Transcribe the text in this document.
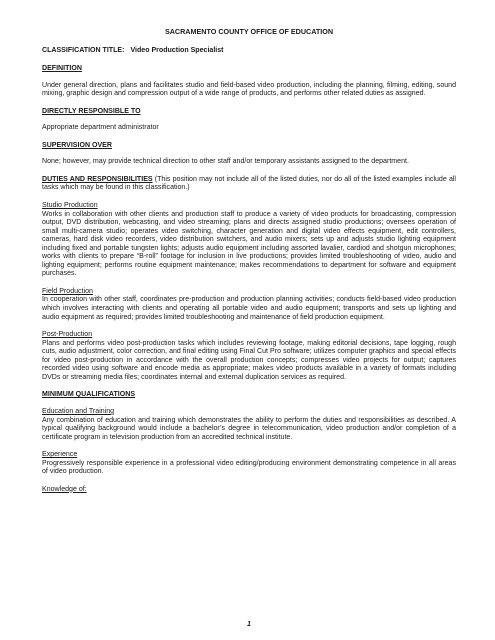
SACRAMENTO COUNTY OFFICE OF EDUCATION
CLASSIFICATION TITLE: Video Production Specialist
DEFINITION
Under general direction, plans and facilitates studio and field-based video production, including the planning, filming, editing, sound mixing, graphic design and compression output of a wide range of products, and performs other related duties as assigned.
DIRECTLY RESPONSIBLE TO
Appropriate department administrator
SUPERVISION OVER
None; however, may provide technical direction to other staff and/or temporary assistants assigned to the department.
DUTIES AND RESPONSIBILITIES (This position may not include all of the listed duties, nor do all of the listed examples include all tasks which may be found in this classification.)
Studio Production
Works in collaboration with other clients and production staff to produce a variety of video products for broadcasting, compression output, DVD distribution, webcasting, and video streaming; plans and directs assigned studio productions; oversees operation of small multi-camera studio; operates video switching, character generation and digital video effects equipment, edit controllers, cameras, hard disk video recorders, video distribution switchers, and audio mixers; sets up and adjusts studio lighting equipment including fixed and portable tungsten lights; adjusts audio equipment including assorted lavalier, cardiod and shotgun microphones; works with clients to prepare “B-roll” footage for inclusion in live productions; provides limited troubleshooting of video, audio and lighting equipment; performs routine equipment maintenance; makes recommendations to department for software and equipment purchases.
Field Production
In cooperation with other staff, coordinates pre-production and production planning activities; conducts field-based video production which involves interacting with clients and operating all portable video and audio equipment; transports and sets up lighting and audio equipment as required; provides limited troubleshooting and maintenance of field production equipment.
Post-Production
Plans and performs video post-production tasks which includes reviewing footage, making editorial decisions, tape logging, rough cuts, audio adjustment, color correction, and final editing using Final Cut Pro software; utilizes computer graphics and special effects for video post-production in accordance with the overall production concepts; compresses video projects for output; captures recorded video using software and encode media as appropriate; makes video products available in a variety of formats including DVDs or streaming media files; coordinates internal and external duplication services as required.
MINIMUM QUALIFICATIONS
Education and Training
Any combination of education and training which demonstrates the ability to perform the duties and responsibilities as described. A typical qualifying background would include a bachelor’s degree in telecommunication, video production and/or completion of a certificate program in television production from an accredited technical institute.
Experience
Progressively responsible experience in a professional video editing/producing environment demonstrating competence in all areas of video production.
Knowledge of:
1
